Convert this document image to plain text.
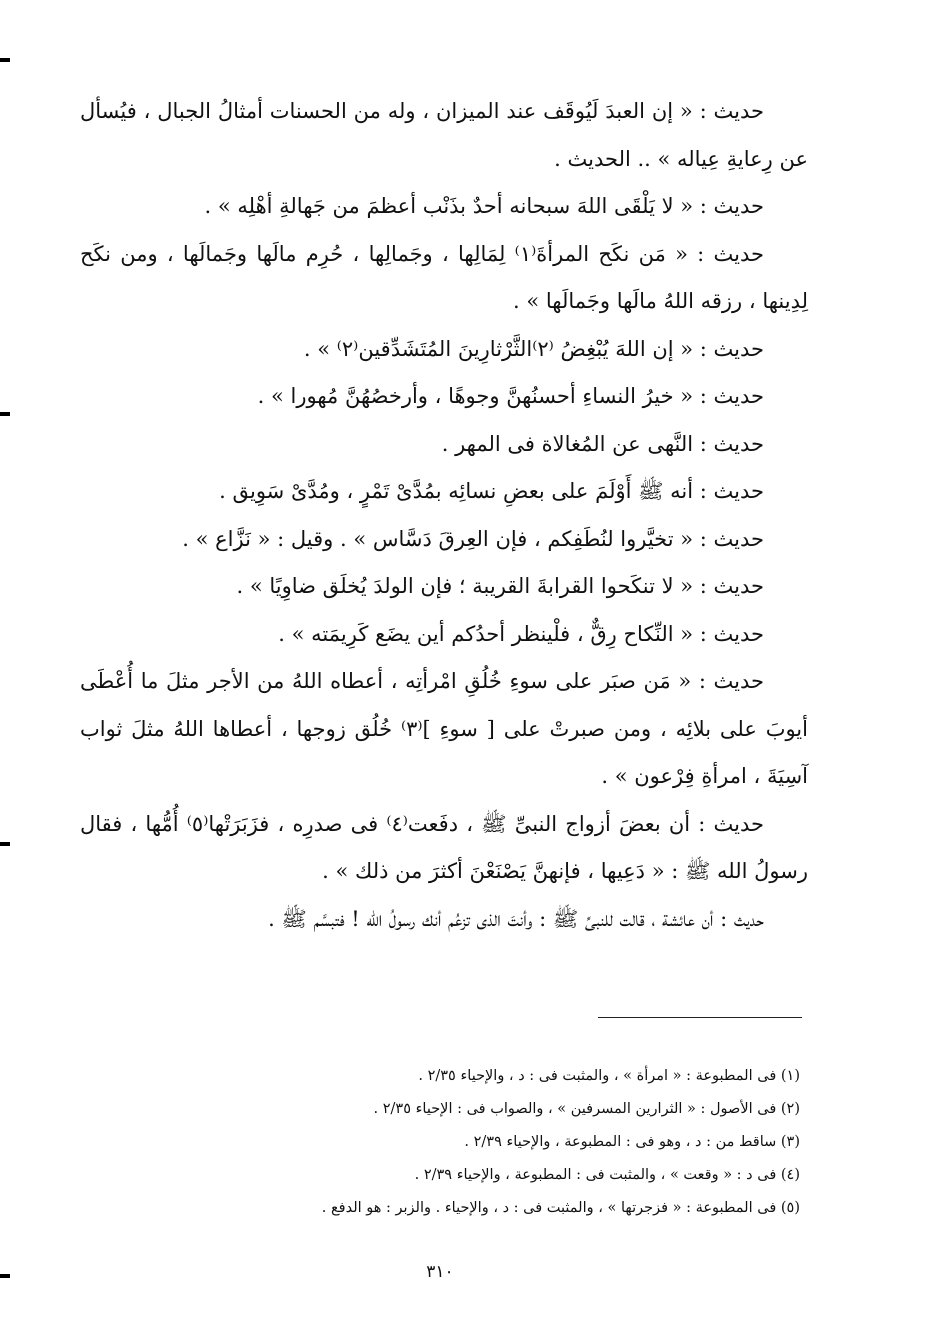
حديث : « إن العبدَ لَيُوقَف عند الميزان ، وله من الحسنات أمثالُ الجبال ، فيُسأل عن رِعايةِ عِياله » .. الحديث .

حديث : « لا يَلْقَى اللهَ سبحانه أحدٌ بذَنْب أعظمَ من جَهالةِ أهْلِه » .

حديث : « مَن نكَح المرأةَ⁽١⁾ لِمَالِها ، وجَمالِها ، حُرِم مالَها وجَمالَها ، ومن نكَح لِدِينها ، رزقه اللهُ مالَها وجَمالَها » .

حديث : « إن اللهَ يُبْغِضُ ⁽٢⁾الثَّرْثارِينَ المُتَشَدِّقين⁽٢⁾ » .

حديث : « خيرُ النساءِ أحسنُهنَّ وجوهًا ، وأرخصُهُنَّ مُهورا » .

حديث : النَّهى عن المُغالاة فى المهر .

حديث : أنه ﷺ أَوْلَمَ على بعضِ نسائِه بمُدَّىْ تَمْرٍ ، ومُدَّىْ سَوِيق .

حديث : « تخيَّروا لنُطَفِكم ، فإن العِرقَ دَسَّاس » . وقيل : « نَزَّاع » .

حديث : « لا تنكَحوا القرابةَ القريبة ؛ فإن الولدَ يُخلَق ضاوِيًا » .

حديث : « النِّكاح رِقٌّ ، فلْينظر أحدُكم أين يضَع كَرِيمَته » .

حديث : « مَن صبَر على سوءِ خُلُقِ امْرأتِه ، أعطاه اللهُ من الأجر مثلَ ما أُعْطَى أيوبَ على بلائِه ، ومن صبرتْ على [ سوءِ ]⁽٣⁾ خُلُق زوجها ، أعطاها اللهُ مثلَ ثواب آسِيَةَ ، امرأةِ فِرْعون » .

حديث : أن بعضَ أزواج النبىِّ ﷺ ، دفَعت⁽٤⁾ فى صدرِه ، فزَبَرَتْها⁽٥⁾ أُمُّها ، فقال رسولُ الله ﷺ : « دَعِيها ، فإنهنَّ يَصْنَعْنَ أكثرَ من ذلك » .

حديث : أن عائشة ، قالت للنبىِّ ﷺ : وأنتَ الذى تزعُم أنك رسولُ الله ! فتبسَّم ﷺ .

(١) فى المطبوعة : « امرأة » ، والمثبت فى : د ، والإحياء ٢/٣٥ .

(٢) فى الأصول : « الثرارين المسرفين » ، والصواب فى : الإحياء ٢/٣٥ .

(٣) ساقط من : د ، وهو فى : المطبوعة ، والإحياء ٢/٣٩ .

(٤) فى د : « وقعت » ، والمثبت فى : المطبوعة ، والإحياء ٢/٣٩ .

(٥) فى المطبوعة : « فزجرتها » ، والمثبت فى : د ، والإحياء . والزبر : هو الدفع .

٣١٠
